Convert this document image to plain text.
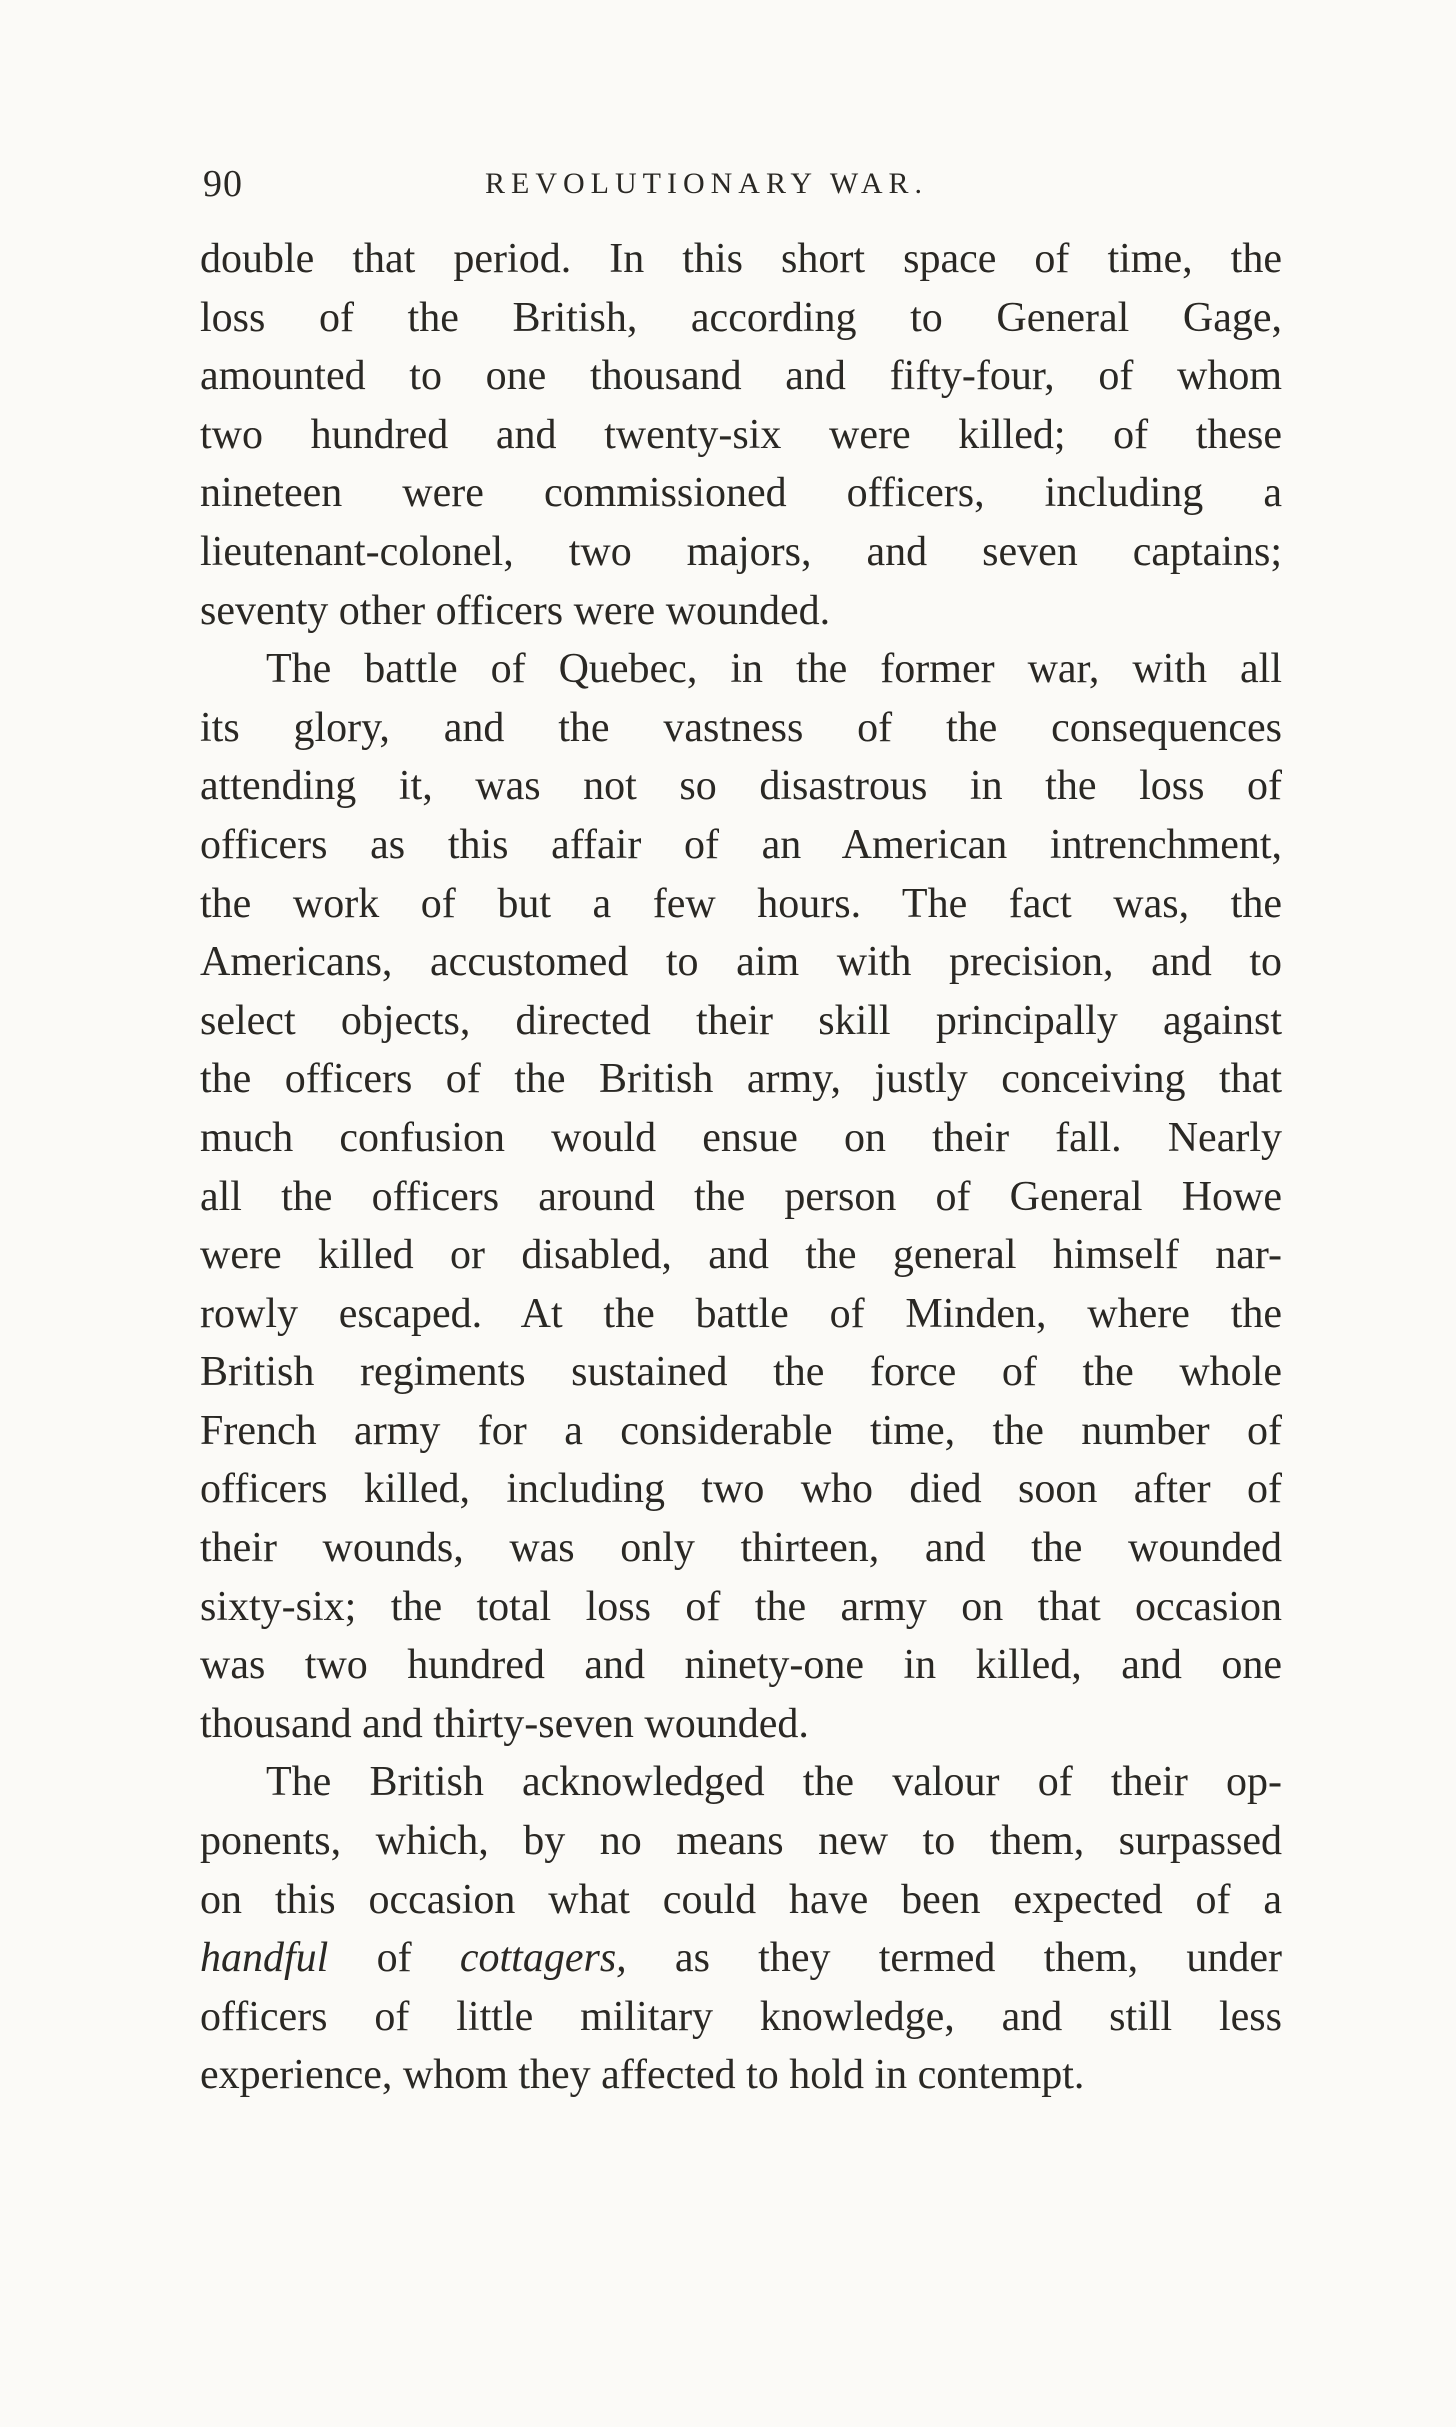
90	REVOLUTIONARY WAR.
double that period. In this short space of time, the
loss of the British, according to General Gage,
amounted to one thousand and fifty-four, of whom
two hundred and twenty-six were killed; of these
nineteen were commissioned officers, including a
lieutenant-colonel, two majors, and seven captains;
seventy other officers were wounded.
The battle of Quebec, in the former war, with all
its glory, and the vastness of the consequences
attending it, was not so disastrous in the loss of
officers as this affair of an American intrenchment,
the work of but a few hours. The fact was, the
Americans, accustomed to aim with precision, and to
select objects, directed their skill principally against
the officers of the British army, justly conceiving that
much confusion would ensue on their fall. Nearly
all the officers around the person of General Howe
were killed or disabled, and the general himself nar-
rowly escaped. At the battle of Minden, where the
British regiments sustained the force of the whole
French army for a considerable time, the number of
officers killed, including two who died soon after of
their wounds, was only thirteen, and the wounded
sixty-six; the total loss of the army on that occasion
was two hundred and ninety-one in killed, and one
thousand and thirty-seven wounded.
The British acknowledged the valour of their op-
ponents, which, by no means new to them, surpassed
on this occasion what could have been expected of a
handful of cottagers, as they termed them, under
officers of little military knowledge, and still less
experience, whom they affected to hold in contempt.
